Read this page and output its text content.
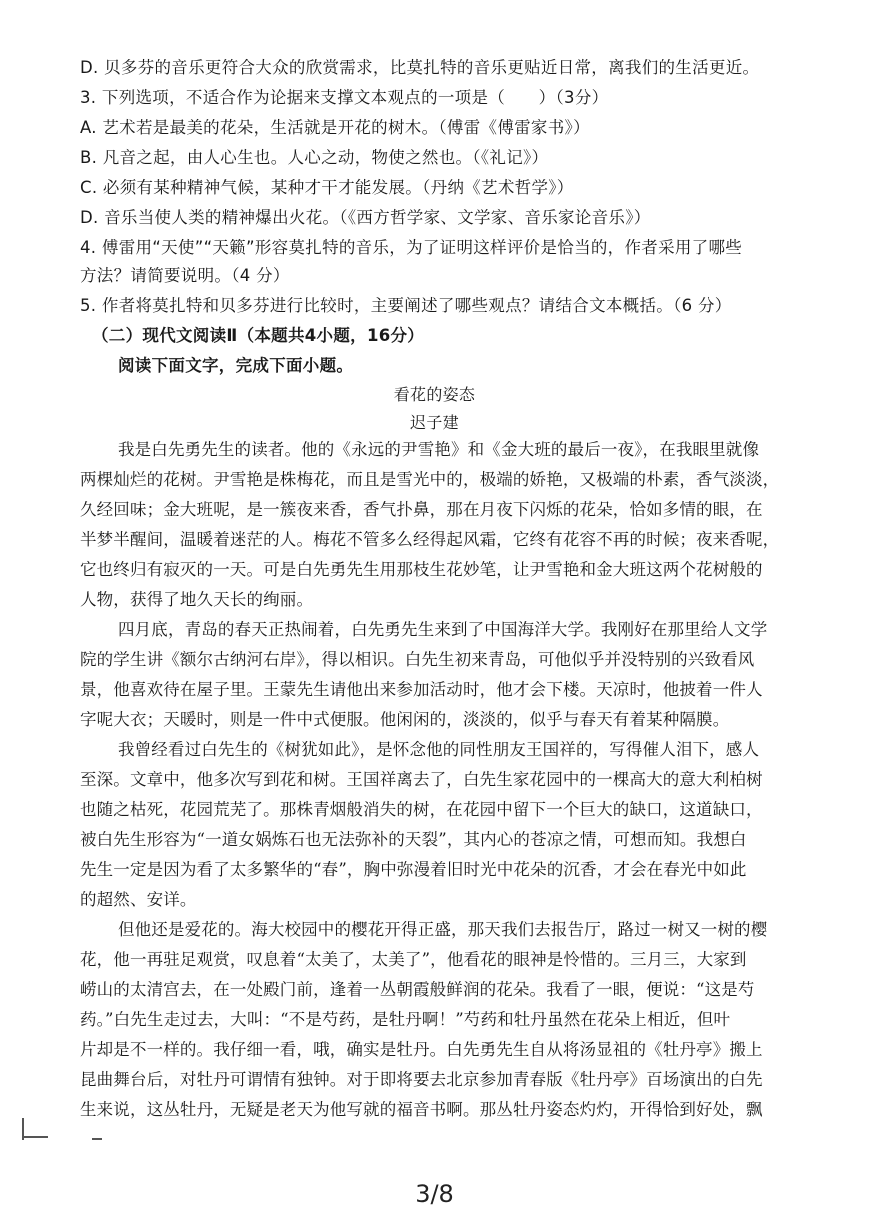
D. 贝多芬的音乐更符合大众的欣赏需求，比莫扎特的音乐更贴近日常，离我们的生活更近。
3. 下列选项，不适合作为论据来支撑文本观点的一项是（　　）（3分）
A. 艺术若是最美的花朵，生活就是开花的树木。（傅雷《傅雷家书》）
B. 凡音之起，由人心生也。人心之动，物使之然也。（《礼记》）
C. 必须有某种精神气候，某种才干才能发展。（丹纳《艺术哲学》）
D. 音乐当使人类的精神爆出火花。（《西方哲学家、文学家、音乐家论音乐》）
4. 傅雷用“天使”“天籁”形容莫扎特的音乐，为了证明这样评价是恰当的，作者采用了哪些
方法？请简要说明。（4 分）
5. 作者将莫扎特和贝多芬进行比较时，主要阐述了哪些观点？请结合文本概括。（6 分）
（二）现代文阅读Ⅱ（本题共4小题，16分）
阅读下面文字，完成下面小题。
看花的姿态
迟子建
我是白先勇先生的读者。他的《永远的尹雪艳》和《金大班的最后一夜》，在我眼里就像
两棵灿烂的花树。尹雪艳是株梅花，而且是雪光中的，极端的娇艳，又极端的朴素，香气淡淡，
久经回味；金大班呢，是一簇夜来香，香气扑鼻，那在月夜下闪烁的花朵，恰如多情的眼，在
半梦半醒间，温暖着迷茫的人。梅花不管多么经得起风霜，它终有花容不再的时候；夜来香呢，
它也终归有寂灭的一天。可是白先勇先生用那枝生花妙笔，让尹雪艳和金大班这两个花树般的
人物，获得了地久天长的绚丽。
四月底，青岛的春天正热闹着，白先勇先生来到了中国海洋大学。我刚好在那里给人文学
院的学生讲《额尔古纳河右岸》，得以相识。白先生初来青岛，可他似乎并没特别的兴致看风
景，他喜欢待在屋子里。王蒙先生请他出来参加活动时，他才会下楼。天凉时，他披着一件人
字呢大衣；天暖时，则是一件中式便服。他闲闲的，淡淡的，似乎与春天有着某种隔膜。
我曾经看过白先生的《树犹如此》，是怀念他的同性朋友王国祥的，写得催人泪下，感人
至深。文章中，他多次写到花和树。王国祥离去了，白先生家花园中的一棵高大的意大利柏树
也随之枯死，花园荒芜了。那株青烟般消失的树，在花园中留下一个巨大的缺口，这道缺口，
被白先生形容为“一道女娲炼石也无法弥补的天裂”，其内心的苍凉之情，可想而知。我想白
先生一定是因为看了太多繁华的“春”，胸中弥漫着旧时光中花朵的沉香，才会在春光中如此
的超然、安详。
但他还是爱花的。海大校园中的樱花开得正盛，那天我们去报告厅，路过一树又一树的樱
花，他一再驻足观赏，叹息着“太美了，太美了”，他看花的眼神是怜惜的。三月三，大家到
崂山的太清宫去，在一处殿门前，逢着一丛朝霞般鲜润的花朵。我看了一眼，便说：“这是芍
药。”白先生走过去，大叫：“不是芍药，是牡丹啊！”芍药和牡丹虽然在花朵上相近，但叶
片却是不一样的。我仔细一看，哦，确实是牡丹。白先勇先生自从将汤显祖的《牡丹亭》搬上
昆曲舞台后，对牡丹可谓情有独钟。对于即将要去北京参加青春版《牡丹亭》百场演出的白先
生来说，这丛牡丹，无疑是老天为他写就的福音书啊。那丛牡丹姿态灼灼，开得恰到好处，飘
3/8
